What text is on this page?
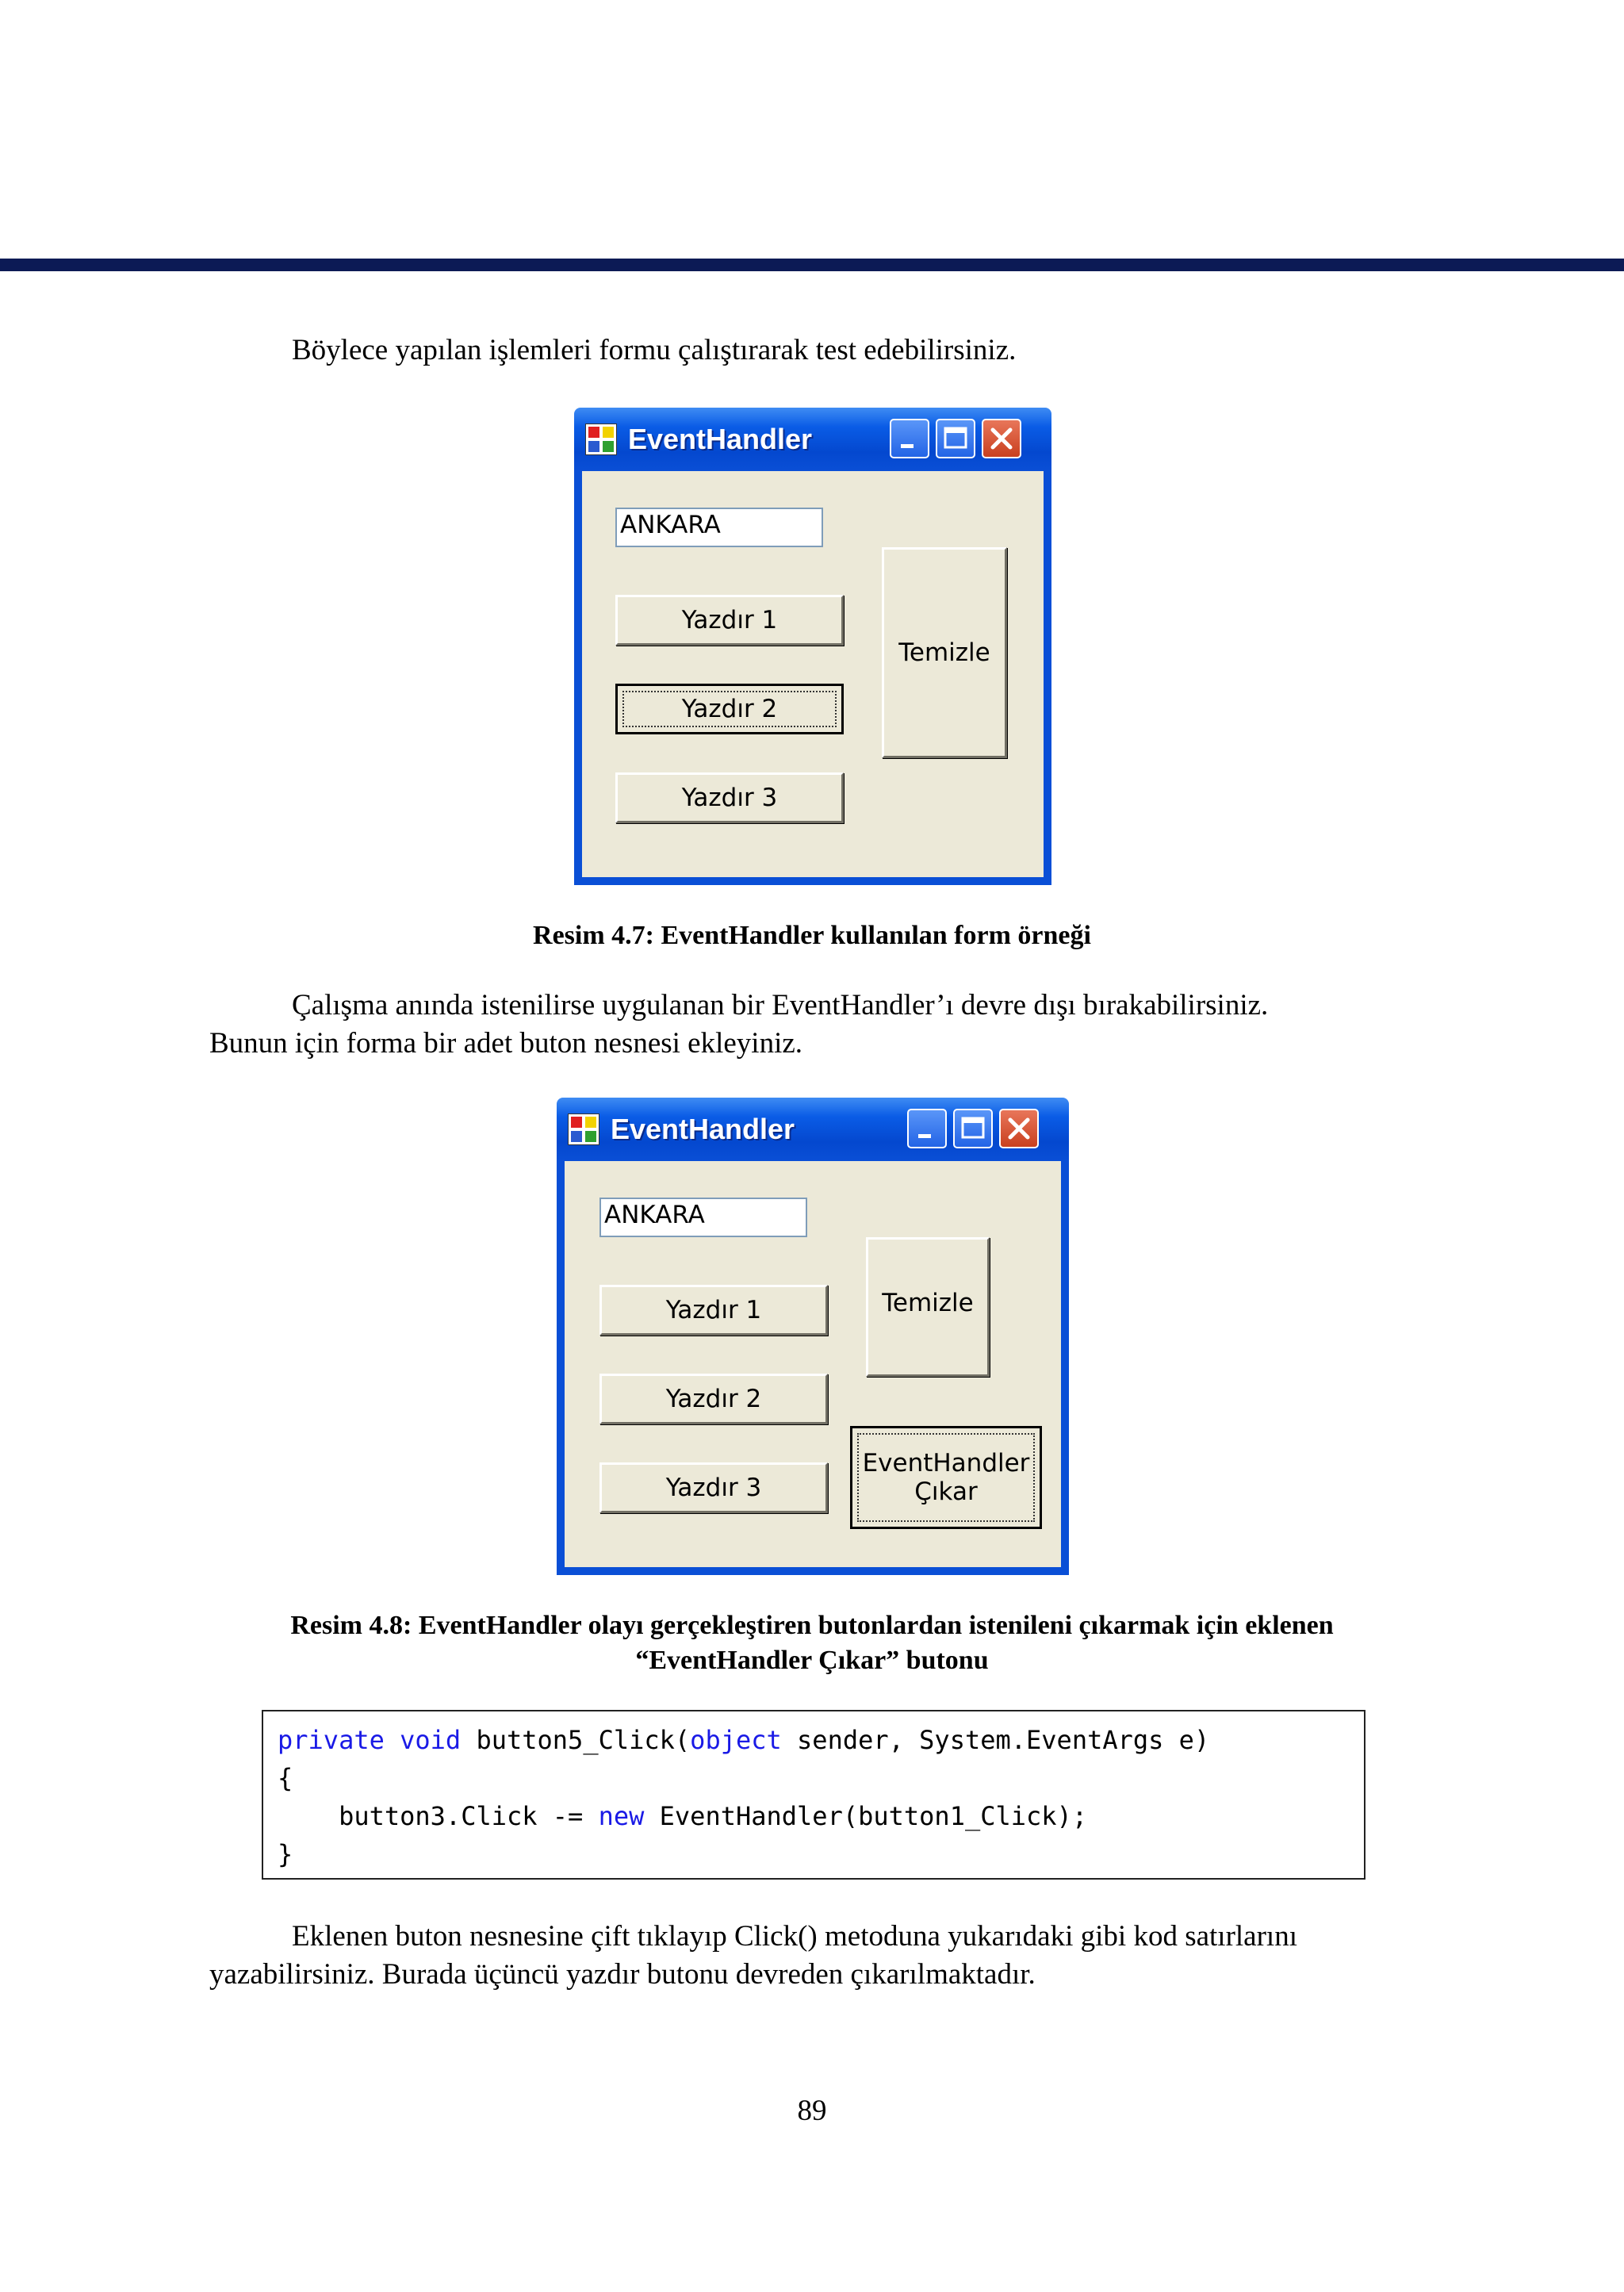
Böylece yapılan işlemleri formu çalıştırarak test edebilirsiniz.

EventHandler
ANKARA
Yazdır 1
Yazdır 2
Yazdır 3
Temizle

Resim 4.7: EventHandler kullanılan form örneği

Çalışma anında istenilirse uygulanan bir EventHandler’ı devre dışı bırakabilirsiniz.

Bunun için forma bir adet buton nesnesi ekleyiniz.

EventHandler
ANKARA
Yazdır 1
Yazdır 2
Yazdır 3
Temizle
EventHandler
Çıkar

Resim 4.8: EventHandler olayı gerçekleştiren butonlardan istenileni çıkarmak için eklenen

“EventHandler Çıkar” butonu

private void button5_Click(object sender, System.EventArgs e)
{
button3.Click -= new EventHandler(button1_Click);
}

Eklenen buton nesnesine çift tıklayıp Click() metoduna yukarıdaki gibi kod satırlarını

yazabilirsiniz. Burada üçüncü yazdır butonu devreden çıkarılmaktadır.

89
